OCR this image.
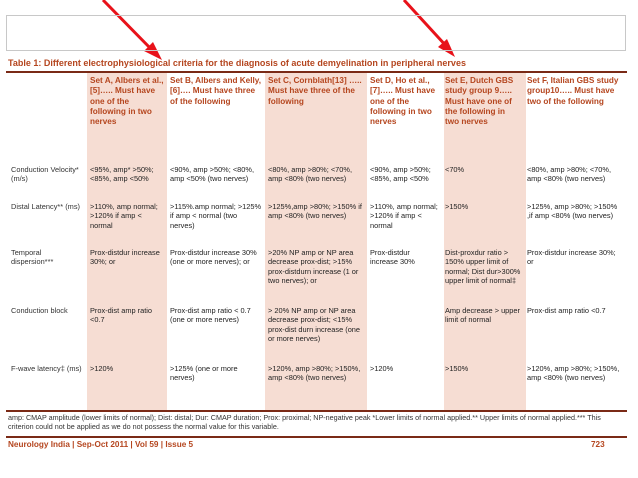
Table 1: Different electrophysiological criteria for the diagnosis of acute demyelination in peripheral nerves
	Set A, Albers et al.,[5]….. Must have one of the following in two nerves	Set B, Albers and Kelly,[6]…. Must have three of the following	Set C, Cornblath[13] ….. Must have three of the following	Set D, Ho et al.,[7]….. Must have one of the following in two nerves	Set E, Dutch GBS study group 9….. Must have one of the following in two nerves	Set F, Italian GBS study group10….. Must have two of the following
Conduction Velocity* (m/s)	<95%, amp* >50%;<85%, amp <50%	<90%, amp >50%; <80%, amp <50% (two nerves)	<80%, amp >80%; <70%, amp <80% (two nerves)	<90%, amp >50%;<85%, amp <50%	<70%	<80%, amp >80%; <70%, amp <80% (two nerves)
Distal Latency** (ms)	>110%, amp normal; >120% if amp < normal	>115%.amp normal; >125% if amp < normal (two nerves)	>125%,amp >80%; >150% if amp <80% (two nerves)	>110%, amp normal; >120% if amp < normal	>150%	>125%, amp >80%; >150% ,if amp <80% (two nerves)
Temporal dispersion***	Prox-distdur increase 30%; or	Prox-distdur increase 30% (one or more nerves); or	>20% NP amp or NP area decrease prox-dist; >15% prox-distdurn increase (1 or two nerves); or	Prox-distdur increase 30%	Dist-proxdur ratio > 150% upper limit of normal; Dist dur>300% upper limit of normal‡	Prox-distdur increase 30%; or
Conduction block	Prox-dist amp ratio <0.7	Prox-dist amp ratio < 0.7 (one or more nerves)	> 20% NP amp or NP area decrease prox-dist; <15% prox-dist durn increase (one or more nerves)		Amp decrease > upper limit of normal	Prox-dist amp ratio <0.7
F-wave latency‡ (ms)	>120%	>125% (one or more nerves)	>120%, amp >80%; >150%, amp <80% (two nerves)	>120%	>150%	>120%, amp >80%; >150%, amp <80% (two nerves)
amp: CMAP amplitude (lower limits of normal); Dist: distal; Dur: CMAP duration; Prox: proximal; NP-negative peak *Lower limits of normal applied.** Upper limits of normal applied.*** This criterion could not be applied as we do not possess the normal value for this variable.
Neurology India | Sep-Oct 2011 | Vol 59 | Issue 5	723
